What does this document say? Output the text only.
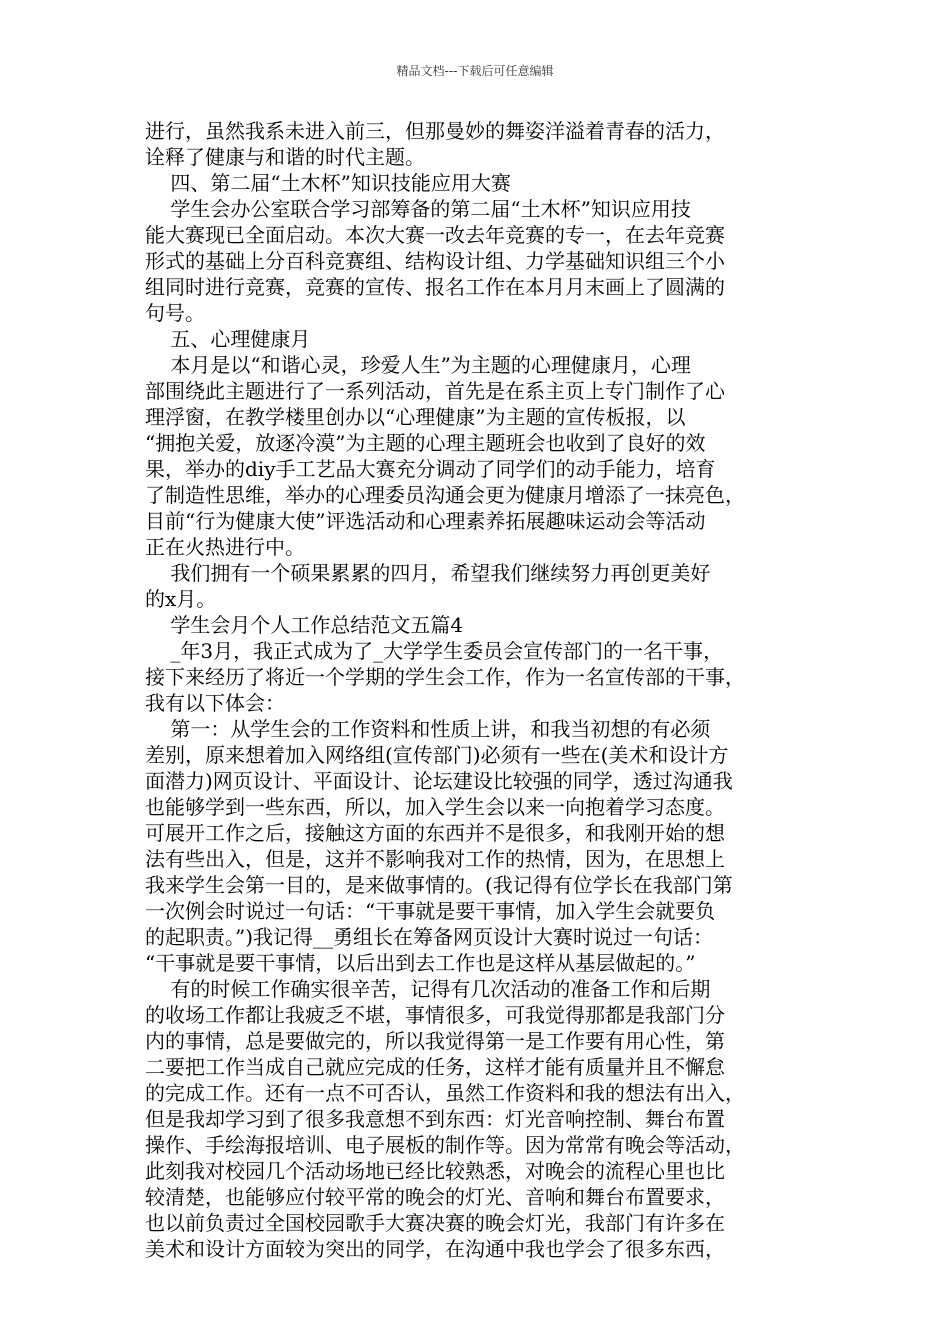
精品文档---下载后可任意编辑
进行，虽然我系未进入前三，但那曼妙的舞姿洋溢着青春的活力，
诠释了健康与和谐的时代主题。
四、第二届“土木杯”知识技能应用大赛
学生会办公室联合学习部筹备的第二届“土木杯”知识应用技
能大赛现已全面启动。本次大赛一改去年竞赛的专一，在去年竞赛
形式的基础上分百科竞赛组、结构设计组、力学基础知识组三个小
组同时进行竞赛，竞赛的宣传、报名工作在本月月末画上了圆满的
句号。
五、心理健康月
本月是以“和谐心灵，珍爱人生”为主题的心理健康月，心理
部围绕此主题进行了一系列活动，首先是在系主页上专门制作了心
理浮窗，在教学楼里创办以“心理健康”为主题的宣传板报，以
“拥抱关爱，放逐冷漠”为主题的心理主题班会也收到了良好的效
果，举办的diy手工艺品大赛充分调动了同学们的动手能力，培育
了制造性思维，举办的心理委员沟通会更为健康月增添了一抹亮色，
目前“行为健康大使”评选活动和心理素养拓展趣味运动会等活动
正在火热进行中。
我们拥有一个硕果累累的四月，希望我们继续努力再创更美好
的x月。
学生会月个人工作总结范文五篇4
_年3月，我正式成为了_大学学生委员会宣传部门的一名干事，
接下来经历了将近一个学期的学生会工作，作为一名宣传部的干事，
我有以下体会：
第一：从学生会的工作资料和性质上讲，和我当初想的有必须
差别，原来想着加入网络组(宣传部门)必须有一些在(美术和设计方
面潜力)网页设计、平面设计、论坛建设比较强的同学，透过沟通我
也能够学到一些东西，所以，加入学生会以来一向抱着学习态度。
可展开工作之后，接触这方面的东西并不是很多，和我刚开始的想
法有些出入，但是，这并不影响我对工作的热情，因为，在思想上
我来学生会第一目的，是来做事情的。(我记得有位学长在我部门第
一次例会时说过一句话：“干事就是要干事情，加入学生会就要负
的起职责。”)我记得__勇组长在筹备网页设计大赛时说过一句话：
“干事就是要干事情，以后出到去工作也是这样从基层做起的。”
有的时候工作确实很辛苦，记得有几次活动的准备工作和后期
的收场工作都让我疲乏不堪，事情很多，可我觉得那都是我部门分
内的事情，总是要做完的，所以我觉得第一是工作要有用心性，第
二要把工作当成自己就应完成的任务，这样才能有质量并且不懈怠
的完成工作。还有一点不可否认，虽然工作资料和我的想法有出入，
但是我却学习到了很多我意想不到东西：灯光音响控制、舞台布置
操作、手绘海报培训、电子展板的制作等。因为常常有晚会等活动，
此刻我对校园几个活动场地已经比较熟悉，对晚会的流程心里也比
较清楚，也能够应付较平常的晚会的灯光、音响和舞台布置要求，
也以前负责过全国校园歌手大赛决赛的晚会灯光，我部门有许多在
美术和设计方面较为突出的同学，在沟通中我也学会了很多东西，
